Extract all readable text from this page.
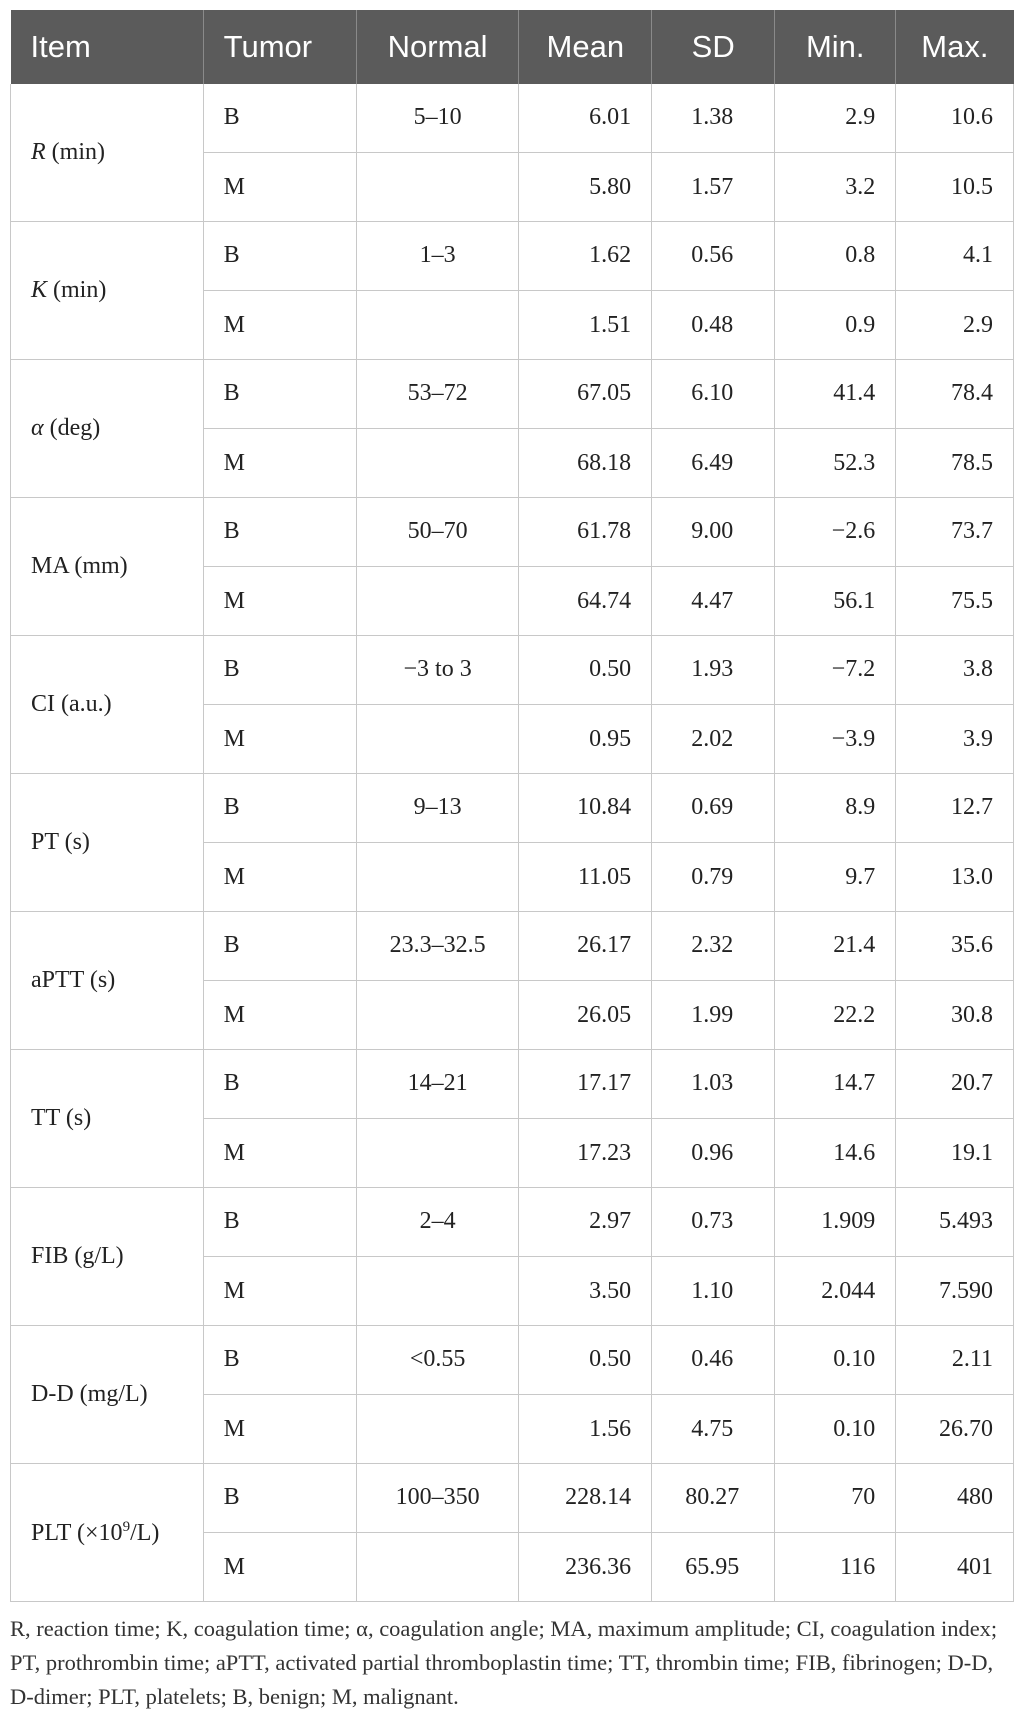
Item	Tumor	Normal	Mean	SD	Min.	Max.
R (min)	B	5–10	6.01	1.38	2.9	10.6
	M		5.80	1.57	3.2	10.5
K (min)	B	1–3	1.62	0.56	0.8	4.1
	M		1.51	0.48	0.9	2.9
α (deg)	B	53–72	67.05	6.10	41.4	78.4
	M		68.18	6.49	52.3	78.5
MA (mm)	B	50–70	61.78	9.00	−2.6	73.7
	M		64.74	4.47	56.1	75.5
CI (a.u.)	B	−3 to 3	0.50	1.93	−7.2	3.8
	M		0.95	2.02	−3.9	3.9
PT (s)	B	9–13	10.84	0.69	8.9	12.7
	M		11.05	0.79	9.7	13.0
aPTT (s)	B	23.3–32.5	26.17	2.32	21.4	35.6
	M		26.05	1.99	22.2	30.8
TT (s)	B	14–21	17.17	1.03	14.7	20.7
	M		17.23	0.96	14.6	19.1
FIB (g/L)	B	2–4	2.97	0.73	1.909	5.493
	M		3.50	1.10	2.044	7.590
D-D (mg/L)	B	<0.55	0.50	0.46	0.10	2.11
	M		1.56	4.75	0.10	26.70
PLT $(\times 10^9/L)$	B	100–350	228.14	80.27	70	480
	M		236.36	65.95	116	401
R, reaction time; K, coagulation time; α, coagulation angle; MA, maximum amplitude; CI, coagulation index; PT, prothrombin time; aPTT, activated partial thromboplastin time; TT, thrombin time; FIB, fibrinogen; D-D, D-dimer; PLT, platelets; B, benign; M, malignant.
